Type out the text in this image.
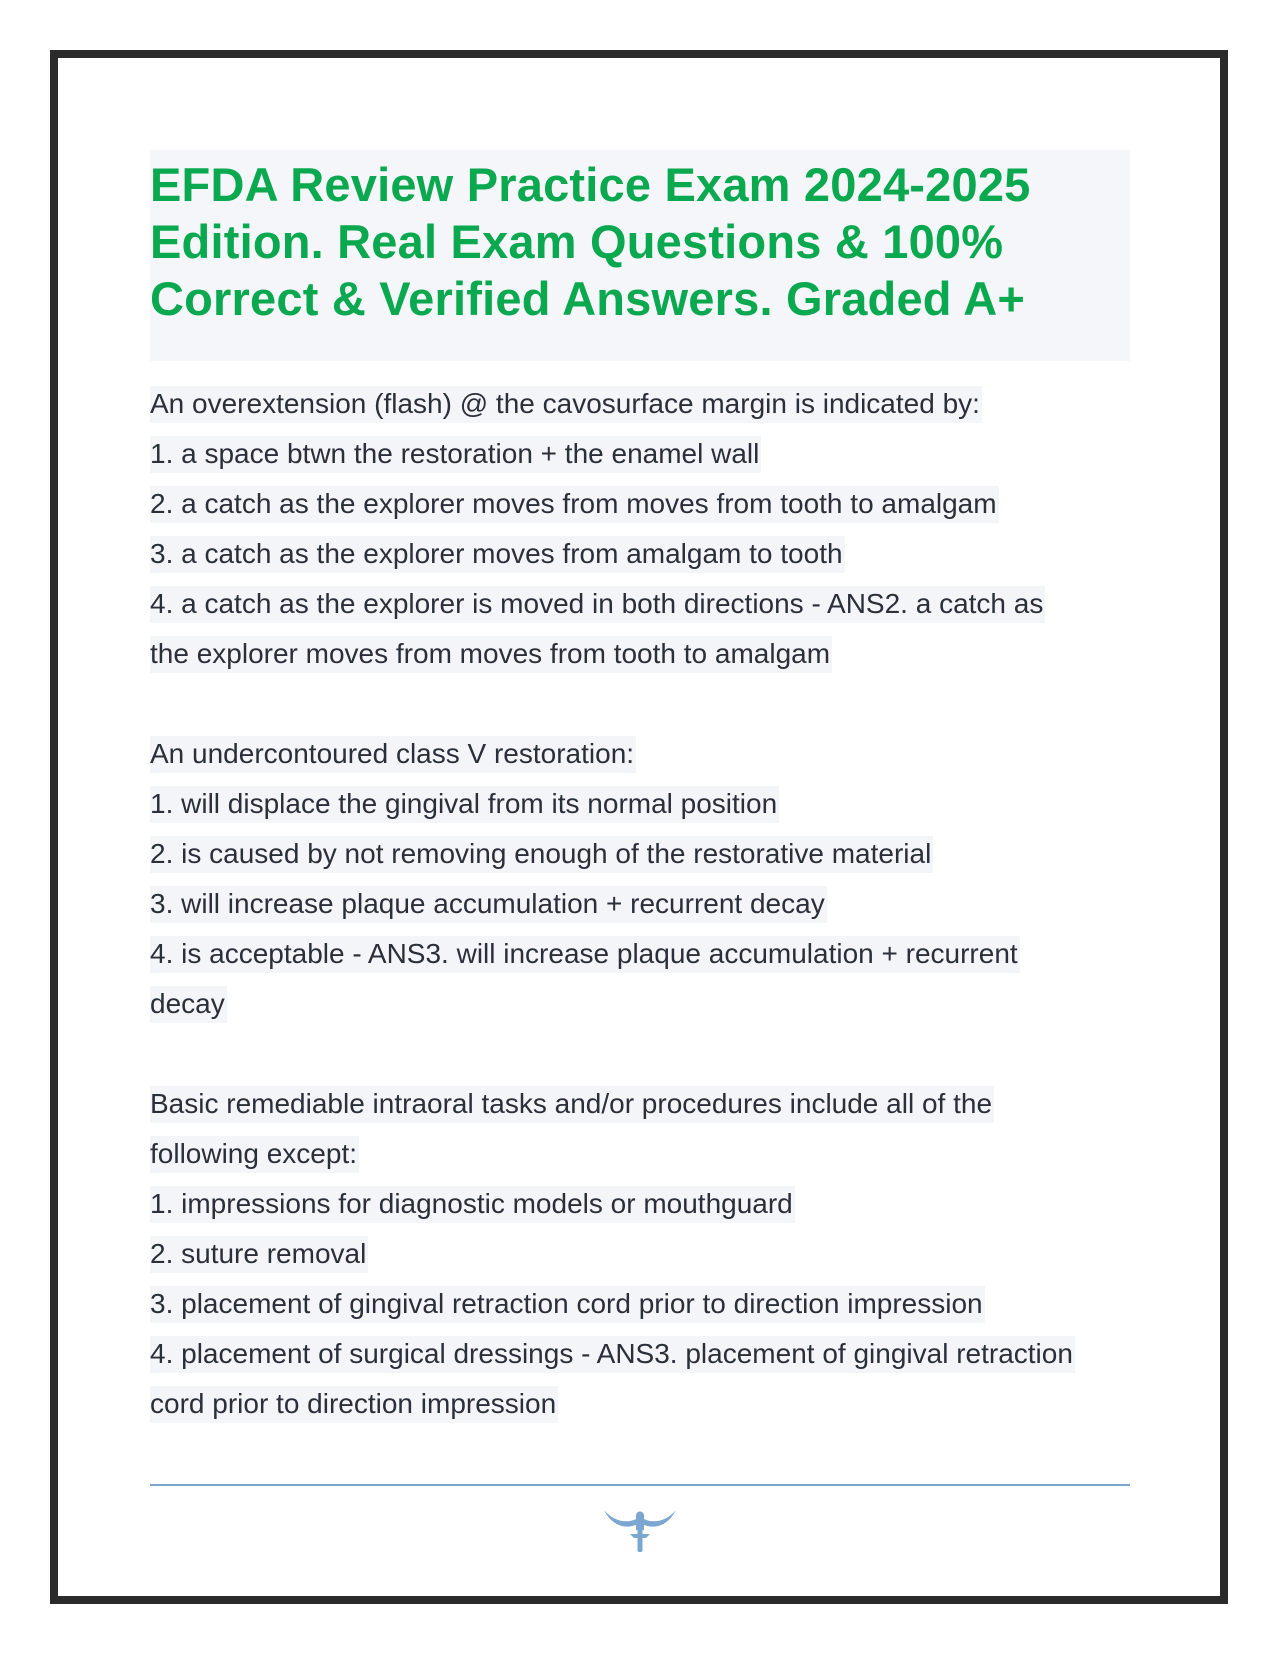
EFDA Review Practice Exam 2024-2025
Edition. Real Exam Questions & 100%
Correct & Verified Answers. Graded A+
An overextension (flash) @ the cavosurface margin is indicated by:
1. a space btwn the restoration + the enamel wall
2. a catch as the explorer moves from moves from tooth to amalgam
3. a catch as the explorer moves from amalgam to tooth
4. a catch as the explorer is moved in both directions - ANS2. a catch as
the explorer moves from moves from tooth to amalgam
An undercontoured class V restoration:
1. will displace the gingival from its normal position
2. is caused by not removing enough of the restorative material
3. will increase plaque accumulation + recurrent decay
4. is acceptable - ANS3. will increase plaque accumulation + recurrent
decay
Basic remediable intraoral tasks and/or procedures include all of the
following except:
1. impressions for diagnostic models or mouthguard
2. suture removal
3. placement of gingival retraction cord prior to direction impression
4. placement of surgical dressings - ANS3. placement of gingival retraction
cord prior to direction impression
